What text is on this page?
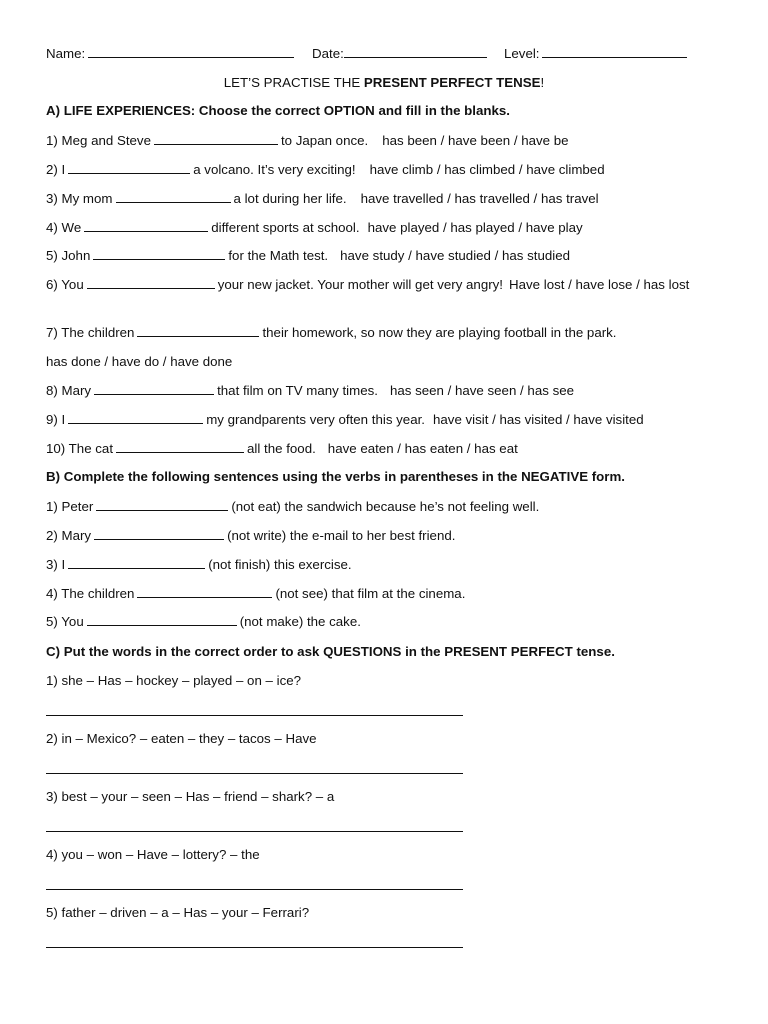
Name:	Date:	Level:
LET’S PRACTISE THE PRESENT PERFECT TENSE!
A) LIFE EXPERIENCES: Choose the correct OPTION and fill in the blanks.
1) Meg and Steve	to Japan once. has been / have been / have be
2) I	a volcano. It’s very exciting! have climb / has climbed / have climbed
3) My mom	a lot during her life. have travelled / has travelled / has travel
4) We	different sports at school. have played / has played / have play
5) John	for the Math test. have study / have studied / has studied
6) You	your new jacket. Your mother will get very angry! Have lost / have lose / has lost
7) The children	their homework, so now they are playing football in the park.
has done / have do / have done
8) Mary	that film on TV many times. has seen / have seen / has see
9) I	my grandparents very often this year. have visit / has visited / have visited
10) The cat	all the food. have eaten / has eaten / has eat
B) Complete the following sentences using the verbs in parentheses in the NEGATIVE form.
1) Peter	(not eat) the sandwich because he’s not feeling well.
2) Mary	(not write) the e-mail to her best friend.
3) I	(not finish) this exercise.
4) The children	(not see) that film at the cinema.
5) You	(not make) the cake.
C) Put the words in the correct order to ask QUESTIONS in the PRESENT PERFECT tense.
1) she – Has – hockey – played – on – ice?
2) in – Mexico? – eaten – they – tacos – Have
3) best – your – seen – Has – friend – shark? – a
4) you – won – Have – lottery? – the
5) father – driven – a – Has – your – Ferrari?
